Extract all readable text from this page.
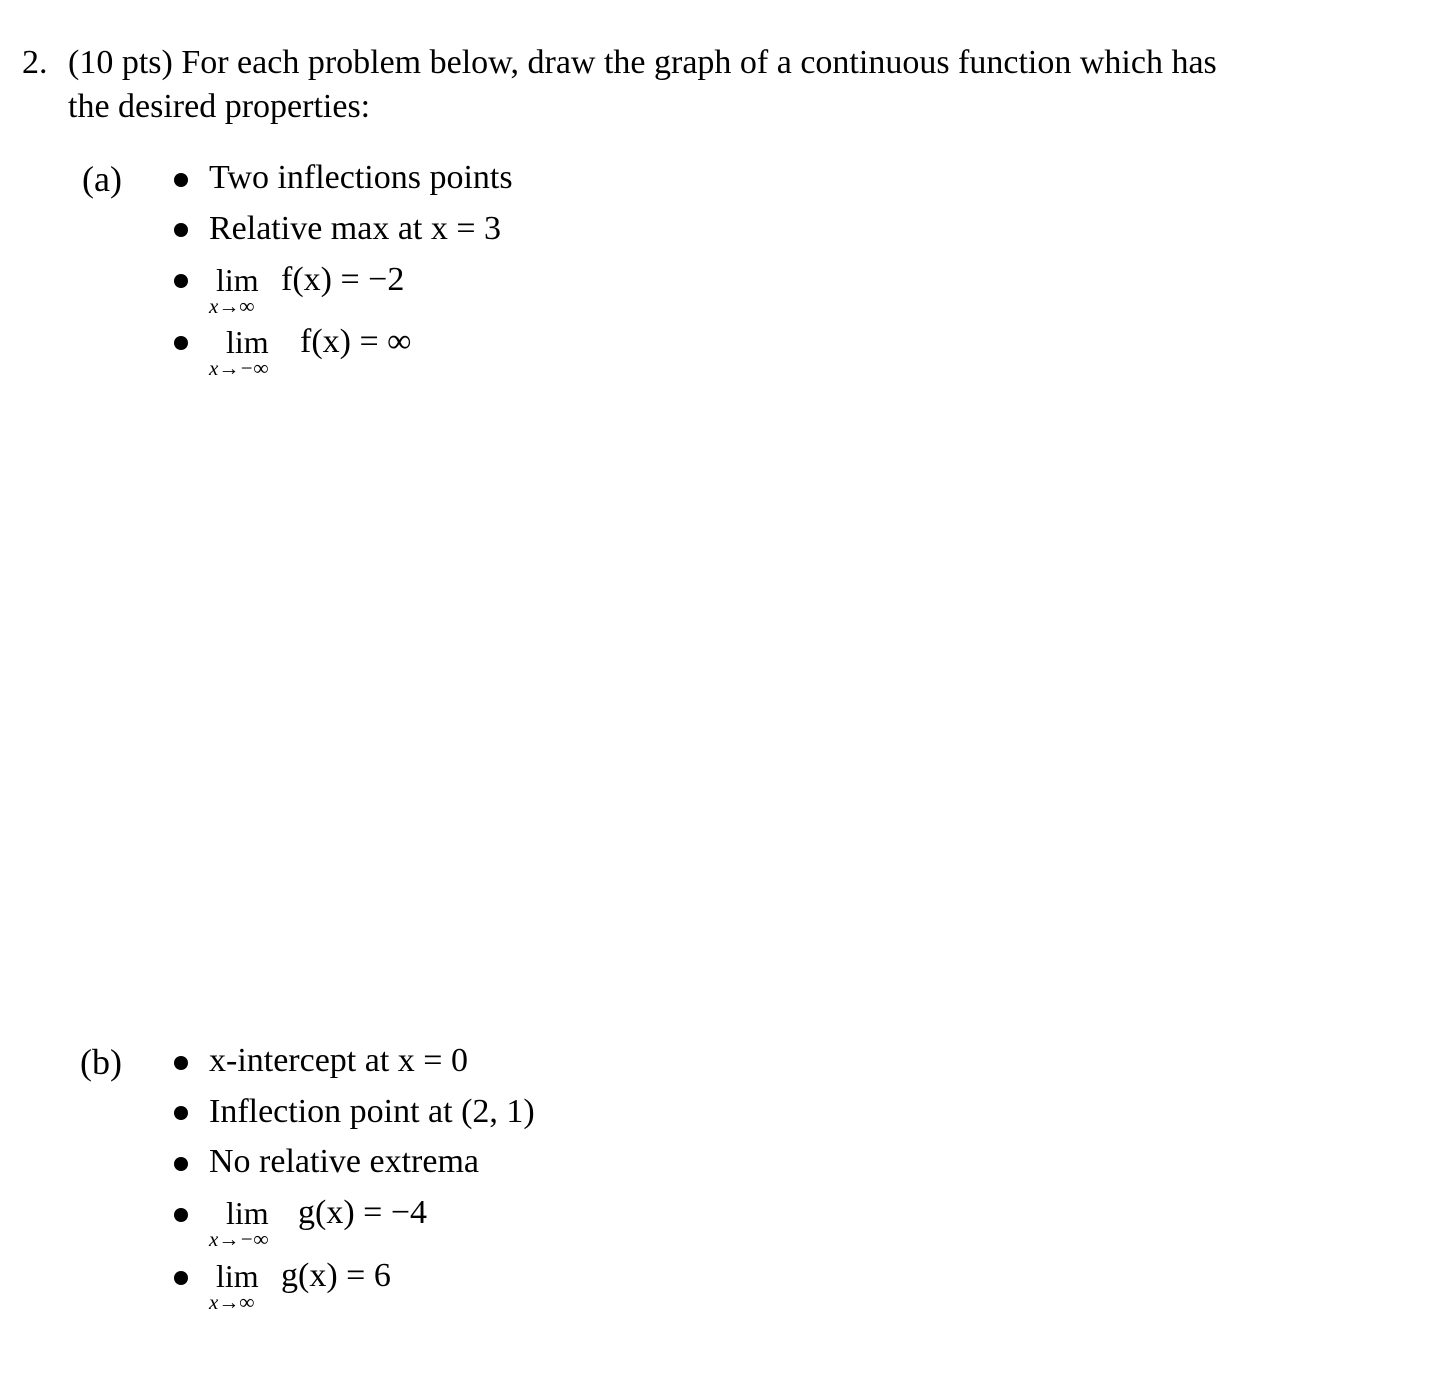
2. (10 pts) For each problem below, draw the graph of a continuous function which has
the desired properties:
(a)	Two inflections points
Relative max at x = 3
lim
x→∞
f(x) = −2
lim
x→−∞
f(x) = ∞
(b)	x-intercept at x = 0
Inflection point at (2, 1)
No relative extrema
lim
x→−∞
g(x) = −4
lim
x→∞
g(x) = 6
